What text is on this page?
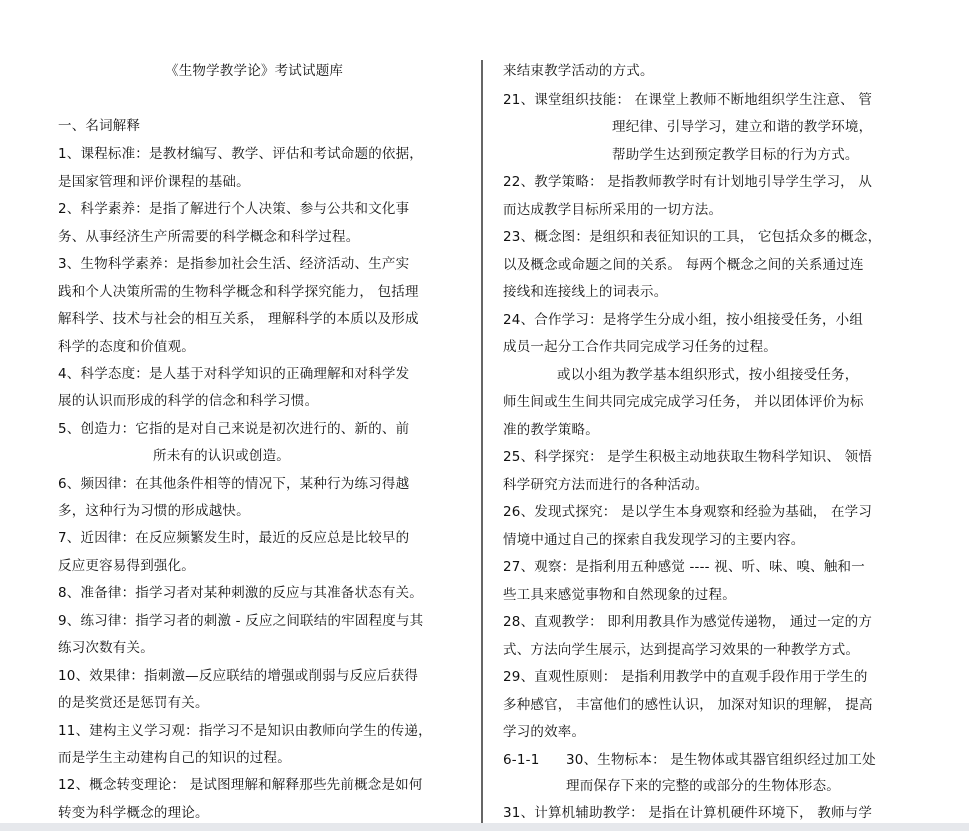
《生物学教学论》考试试题库
一、名词解释
1、课程标准：是教材编写、教学、评估和考试命题的依据，
是国家管理和评价课程的基础。
2、科学素养：是指了解进行个人决策、参与公共和文化事
务、从事经济生产所需要的科学概念和科学过程。
3、生物科学素养：是指参加社会生活、经济活动、生产实
践和个人决策所需的生物科学概念和科学探究能力， 包括理
解科学、技术与社会的相互关系， 理解科学的本质以及形成
科学的态度和价值观。
4、科学态度：是人基于对科学知识的正确理解和对科学发
展的认识而形成的科学的信念和科学习惯。
5、创造力：它指的是对自己来说是初次进行的、新的、前
所未有的认识或创造。
6、频因律：在其他条件相等的情况下，某种行为练习得越
多，这种行为习惯的形成越快。
7、近因律：在反应频繁发生时，最近的反应总是比较早的
反应更容易得到强化。
8、准备律：指学习者对某种刺激的反应与其准备状态有关。
9、练习律：指学习者的刺激 - 反应之间联结的牢固程度与其
练习次数有关。
10、效果律：指刺激—反应联结的增强或削弱与反应后获得
的是奖赏还是惩罚有关。
11、建构主义学习观：指学习不是知识由教师向学生的传递，
而是学生主动建构自己的知识的过程。
12、概念转变理论： 是试图理解和解释那些先前概念是如何
转变为科学概念的理论。
来结束教学活动的方式。
21、课堂组织技能： 在课堂上教师不断地组织学生注意、 管
理纪律、引导学习，建立和谐的教学环境，
帮助学生达到预定教学目标的行为方式。
22、教学策略： 是指教师教学时有计划地引导学生学习， 从
而达成教学目标所采用的一切方法。
23、概念图：是组织和表征知识的工具， 它包括众多的概念，
以及概念或命题之间的关系。 每两个概念之间的关系通过连
接线和连接线上的词表示。
24、合作学习：是将学生分成小组，按小组接受任务，小组
成员一起分工合作共同完成学习任务的过程。
或以小组为教学基本组织形式，按小组接受任务，
师生间或生生间共同完成完成学习任务， 并以团体评价为标
准的教学策略。
25、科学探究： 是学生积极主动地获取生物科学知识、 领悟
科学研究方法而进行的各种活动。
26、发现式探究： 是以学生本身观察和经验为基础， 在学习
情境中通过自己的探索自我发现学习的主要内容。
27、观察：是指利用五种感觉 ---- 视、听、味、嗅、触和一
些工具来感觉事物和自然现象的过程。
28、直观教学： 即利用教具作为感觉传递物， 通过一定的方
式、方法向学生展示，达到提高学习效果的一种教学方式。
29、直观性原则： 是指利用教学中的直观手段作用于学生的
多种感官， 丰富他们的感性认识， 加深对知识的理解， 提高
学习的效率。
6-1-1 30、生物标本： 是生物体或其器官组织经过加工处
理而保存下来的完整的或部分的生物体形态。
31、计算机辅助教学： 是指在计算机硬件环境下， 教师与学
